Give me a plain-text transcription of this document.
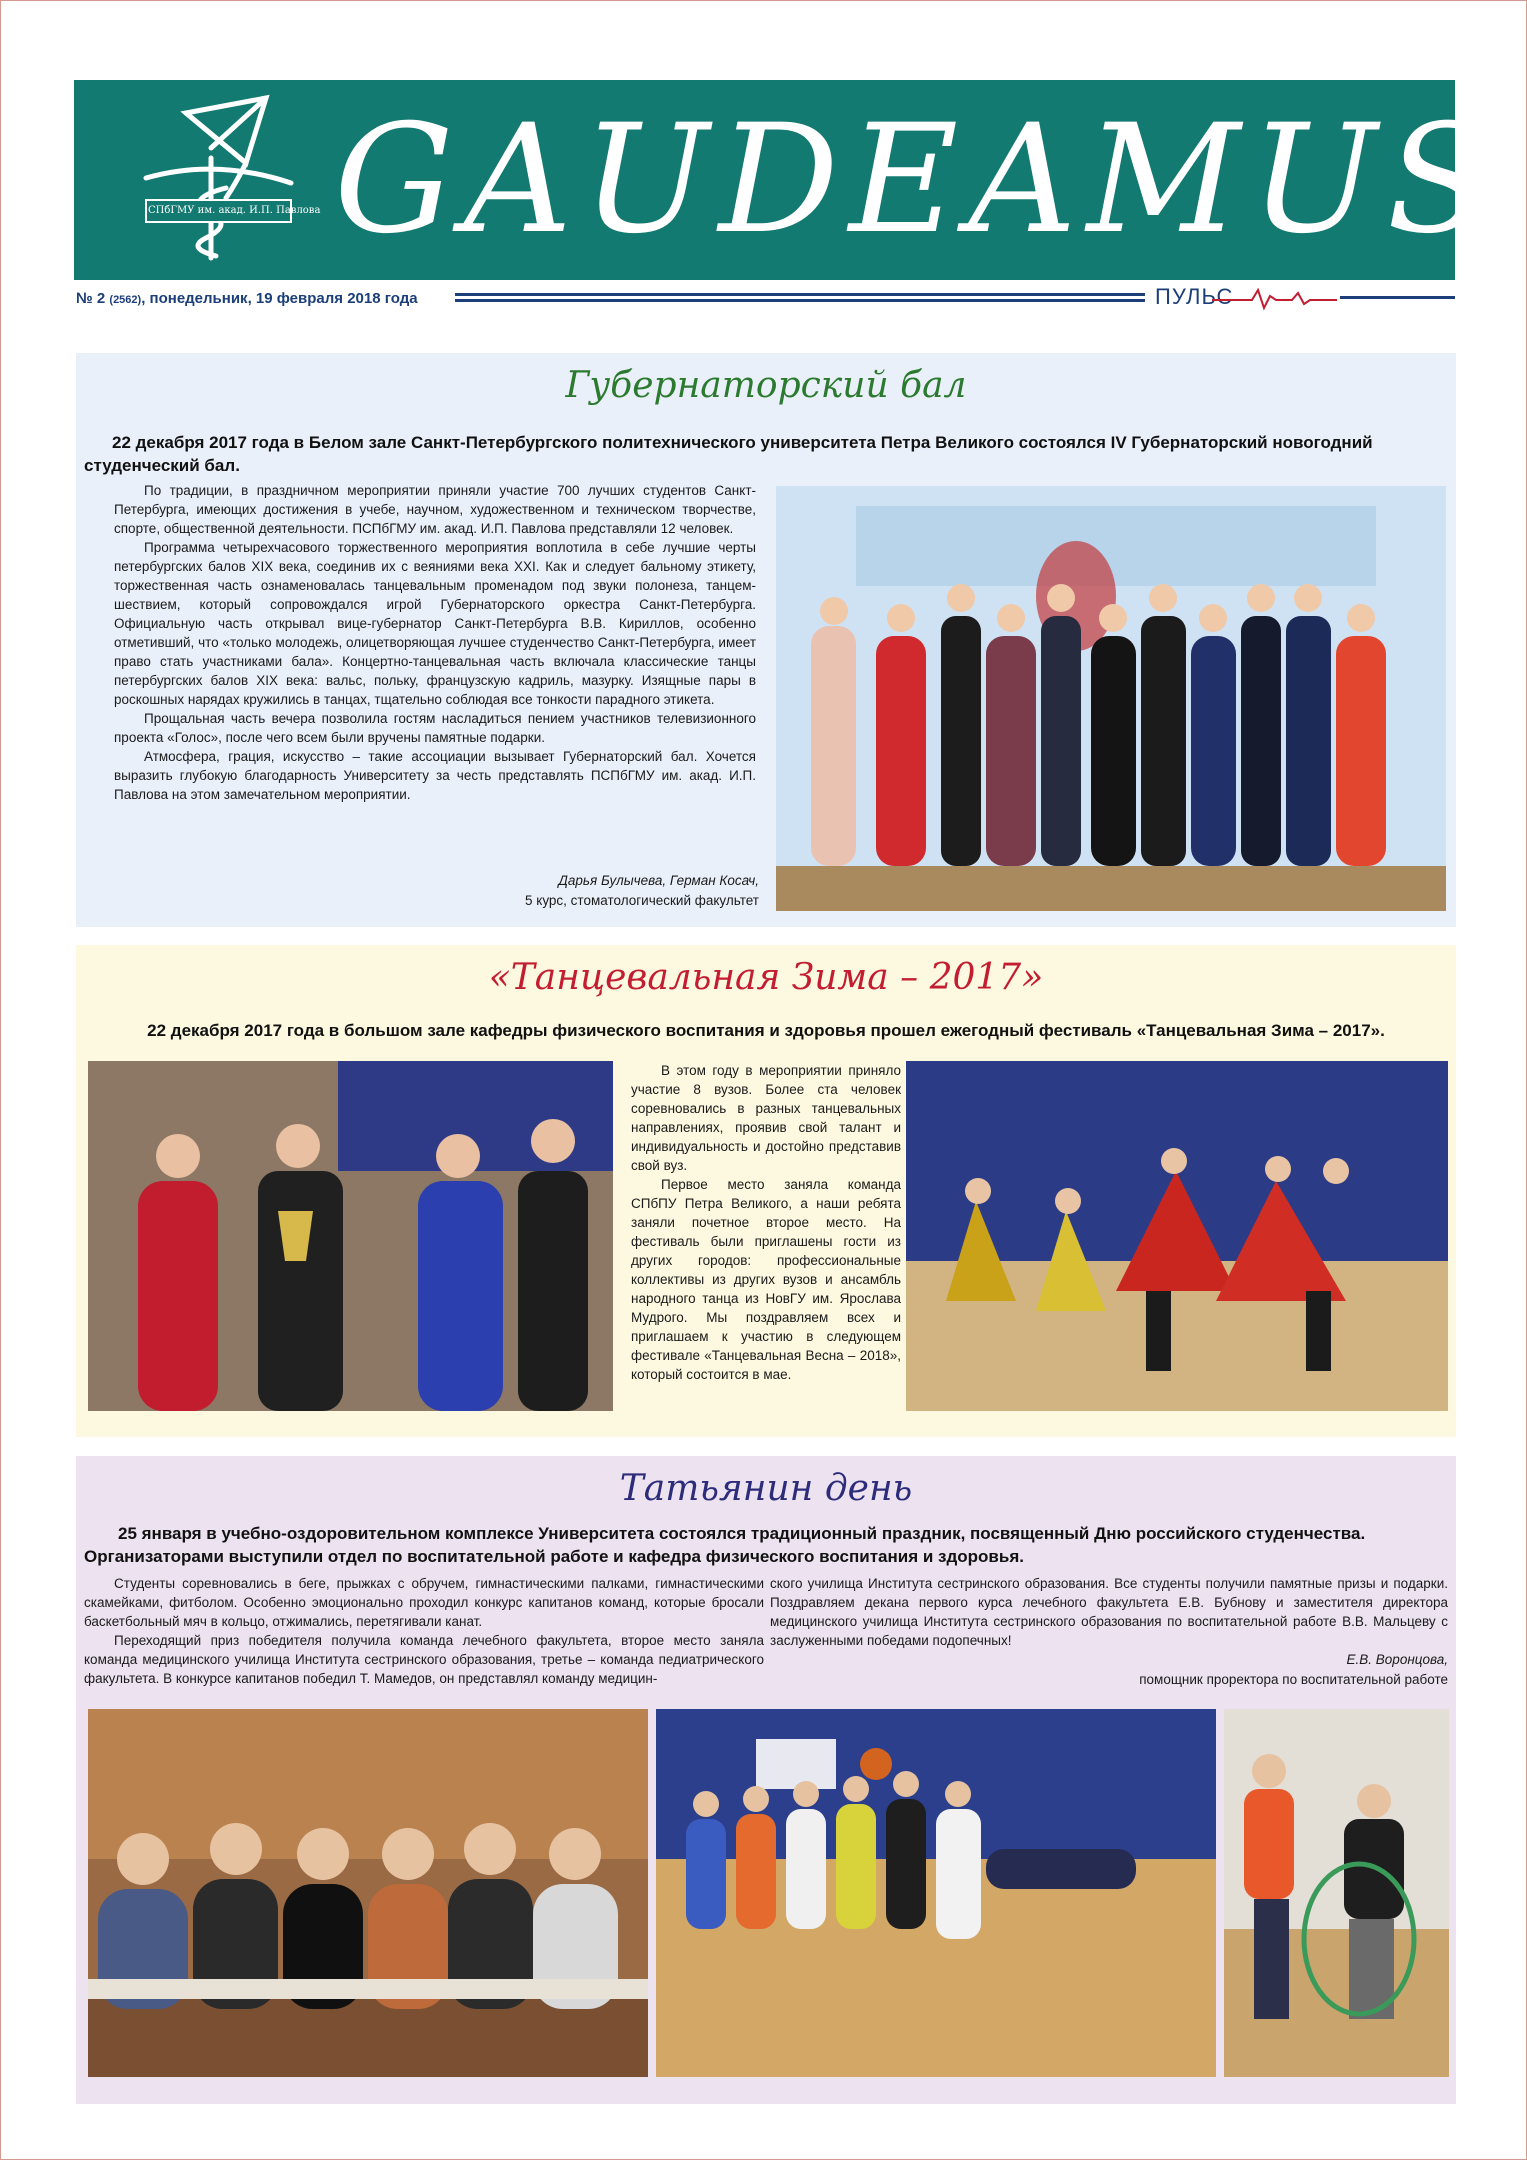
СПбГМУ им. акад. И.П. Павлова GAUDEAMUS
№ 2 (2562), понедельник, 19 февраля 2018 года	ПУЛЬС
Губернаторский бал
22 декабря 2017 года в Белом зале Санкт-Петербургского политехнического университета Петра Великого состоялся IV Губернаторский новогодний студенческий бал.

По традиции, в праздничном мероприятии приняли участие 700 лучших студентов Санкт-Петербурга, имеющих достижения в учебе, научном, художественном и техническом творчестве, спорте, общественной деятельности. ПСПбГМУ им. акад. И.П. Павлова представляли 12 человек.

Программа четырехчасового торжественного мероприятия воплотила в себе лучшие черты петербургских балов XIX века, соединив их с веяниями века XXI. Как и следует бальному этикету, торжественная часть ознаменовалась танцевальным променадом под звуки полонеза, танцем-шествием, который сопровождался игрой Губернаторского оркестра Санкт-Петербурга. Официальную часть открывал вице-губернатор Санкт-Петербурга В.В. Кириллов, особенно отметивший, что «только молодежь, олицетворяющая лучшее студенчество Санкт-Петербурга, имеет право стать участниками бала». Концертно-танцевальная часть включала классические танцы петербургских балов XIX века: вальс, польку, французскую кадриль, мазурку. Изящные пары в роскошных нарядах кружились в танцах, тщательно соблюдая все тонкости парадного этикета.

Прощальная часть вечера позволила гостям насладиться пением участников телевизионного проекта «Голос», после чего всем были вручены памятные подарки.

Атмосфера, грация, искусство – такие ассоциации вызывает Губернаторский бал. Хочется выразить глубокую благодарность Университету за честь представлять ПСПбГМУ им. акад. И.П. Павлова на этом замечательном мероприятии.

Дарья Булычева, Герман Косач,
5 курс, стоматологический факультет
«Танцевальная Зима – 2017»
22 декабря 2017 года в большом зале кафедры физического воспитания и здоровья прошел ежегодный фестиваль «Танцевальная Зима – 2017».

В этом году в мероприятии приняло участие 8 вузов. Более ста человек соревновались в разных танцевальных направлениях, проявив свой талант и индивидуальность и достойно представив свой вуз.

Первое место заняла команда СПбПУ Петра Великого, а наши ребята заняли почетное второе место. На фестиваль были приглашены гости из других городов: профессиональные коллективы из других вузов и ансамбль народного танца из НовГУ им. Ярослава Мудрого. Мы поздравляем всех и приглашаем к участию в следующем фестивале «Танцевальная Весна – 2018», который состоится в мае.

Татьянин день
25 января в учебно-оздоровительном комплексе Университета состоялся традиционный праздник, посвященный Дню российского студенчества. Организаторами выступили отдел по воспитательной работе и кафедра физического воспитания и здоровья.

Студенты соревновались в беге, прыжках с обручем, гимнастическими палками, гимнастическими скамейками, фитболом. Особенно эмоционально проходил конкурс капитанов команд, которые бросали баскетбольный мяч в кольцо, отжимались, перетягивали канат.

Переходящий приз победителя получила команда лечебного факультета, второе место заняла команда медицинского училища Института сестринского образования, третье – команда педиатрического факультета. В конкурсе капитанов победил Т. Мамедов, он представлял команду медицин-

ского училища Института сестринского образования. Все студенты получили памятные призы и подарки. Поздравляем декана первого курса лечебного факультета Е.В. Бубнову и заместителя директора медицинского училища Института сестринского образования по воспитательной работе В.В. Мальцеву с заслуженными победами подопечных!

Е.В. Воронцова,
помощник проректора по воспитательной работе
